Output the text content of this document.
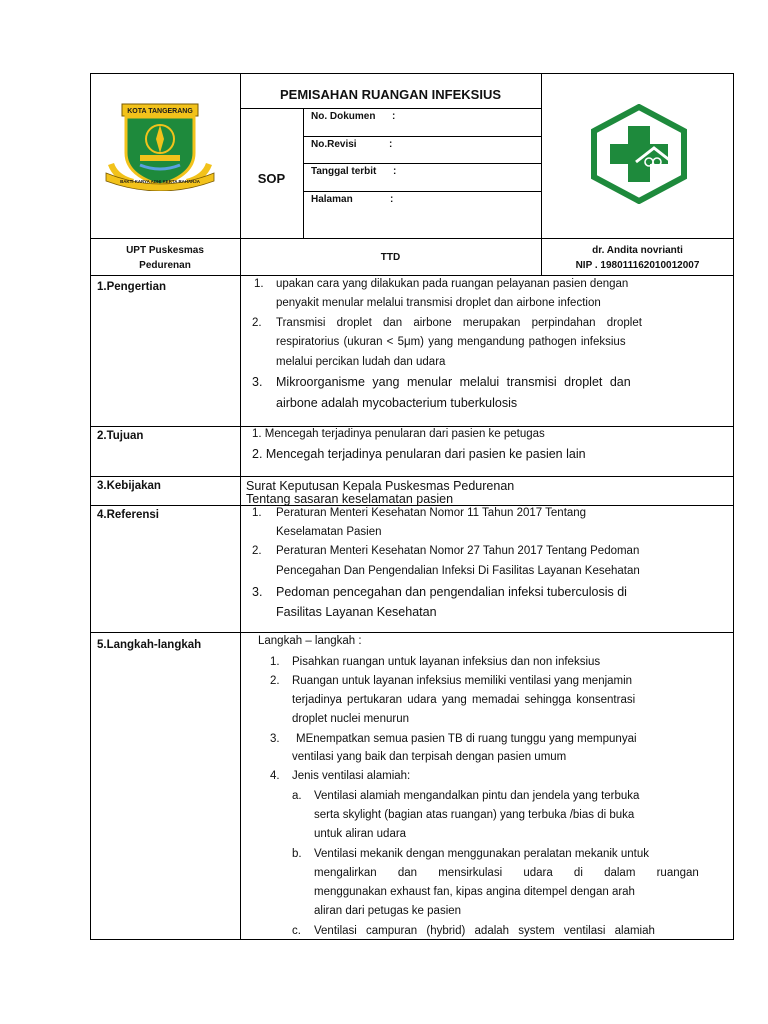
KOTA TANGERANG
BAKTI KARYA ADHI KERTA RAHARJA
PEMISAHAN RUANGAN INFEKSIUS
SOP
No. Dokumen :
No.Revisi	:
Tanggal terbit :
Halaman	:
UPT Puskesmas
Pedurenan
TTD
dr. Andita novrianti
NIP . 198011162010012007
1.Pengertian
2.Tujuan
3.Kebijakan
4.Referensi
5.Langkah-langkah
1. upakan cara yang dilakukan pada ruangan pelayanan pasien dengan
penyakit menular melalui transmisi droplet dan airbone infection
2. Transmisi droplet dan airbone merupakan perpindahan droplet
respiratorius (ukuran < 5μm) yang mengandung pathogen infeksius
melalui percikan ludah dan udara
3. Mikroorganisme yang menular melalui transmisi droplet dan
airbone adalah mycobacterium tuberkulosis
1. Mencegah terjadinya penularan dari pasien ke petugas
2. Mencegah terjadinya penularan dari pasien ke pasien lain
Surat Keputusan Kepala Puskesmas Pedurenan
Tentang sasaran keselamatan pasien
1. Peraturan Menteri Kesehatan Nomor 11 Tahun 2017 Tentang
Keselamatan Pasien
2. Peraturan Menteri Kesehatan Nomor 27 Tahun 2017 Tentang Pedoman
Pencegahan Dan Pengendalian Infeksi Di Fasilitas Layanan Kesehatan
3. Pedoman pencegahan dan pengendalian infeksi tuberculosis di
Fasilitas Layanan Kesehatan
Langkah – langkah :
1. Pisahkan ruangan untuk layanan infeksius dan non infeksius
2. Ruangan untuk layanan infeksius memiliki ventilasi yang menjamin
terjadinya pertukaran udara yang memadai sehingga konsentrasi
droplet nuclei menurun
3. MEnempatkan semua pasien TB di ruang tunggu yang mempunyai
ventilasi yang baik dan terpisah dengan pasien umum
4. Jenis ventilasi alamiah:
a. Ventilasi alamiah mengandalkan pintu dan jendela yang terbuka
serta skylight (bagian atas ruangan) yang terbuka /bias di buka
untuk aliran udara
b. Ventilasi mekanik dengan menggunakan peralatan mekanik untuk
mengalirkan dan mensirkulasi udara di dalam ruangan
menggunakan exhaust fan, kipas angina ditempel dengan arah
aliran dari petugas ke pasien
c. Ventilasi campuran (hybrid) adalah system ventilasi alamiah
